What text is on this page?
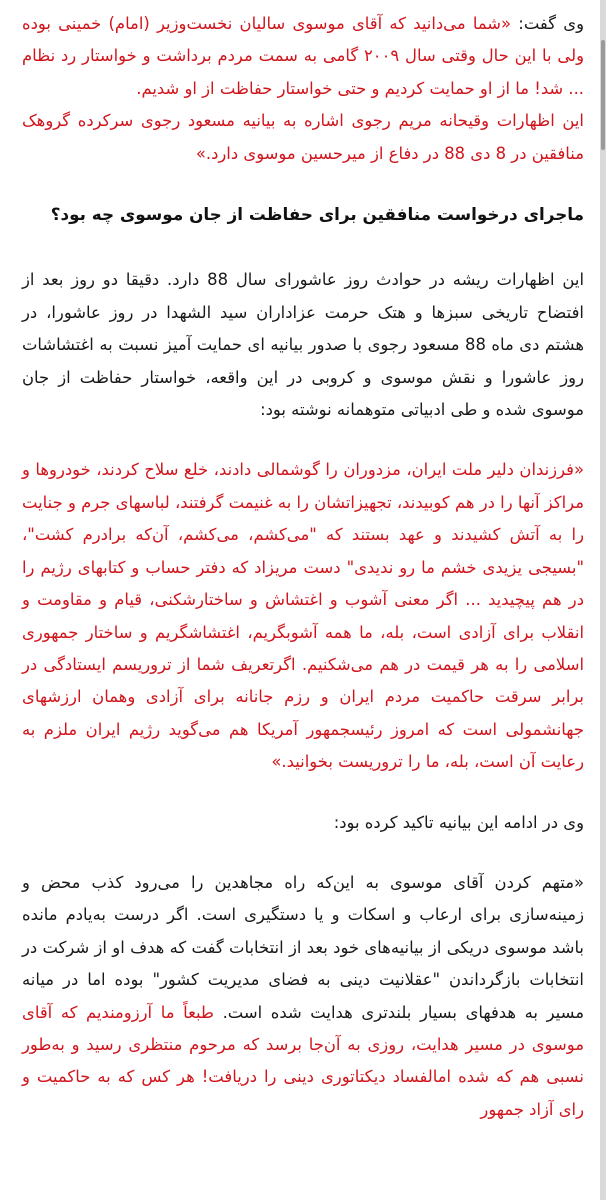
وی گفت: «شما می‌دانید که آقای موسوی سالیان نخست‌وزیر (امام) خمینی بوده ولی با این حال وقتی سال ۲۰۰۹ گامی به سمت مردم برداشت و خواستار رد نظام ... شد! ما از او حمایت کردیم و حتی خواستار حفاظت از او شدیم.

این اظهارات وقیحانه مریم رجوی اشاره به بیانیه مسعود رجوی سرکرده گروهک منافقین در 8 دی 88 در دفاع از میرحسین موسوی دارد.»

ماجرای درخواست منافقین برای حفاظت از جان موسوی چه بود؟

این اظهارات ریشه در حوادث روز عاشورای سال 88 دارد. دقیقا دو روز بعد از افتضاح تاریخی سبزها و هتک حرمت عزاداران سید الشهدا در روز عاشورا، در هشتم دی ماه 88 مسعود رجوی با صدور بیانیه ای حمایت آمیز نسبت به اغتشاشات روز عاشورا و نقش موسوی و کروبی در این واقعه، خواستار حفاظت از جان موسوی شده و طی ادبیاتی متوهمانه نوشته بود:

«فرزندان دلیر ملت ایران، مزدوران را گوشمالی دادند، خلع سلاح کردند، خودروها و مراکز آنها را در هم کوبیدند، تجهیزاتشان را به غنیمت گرفتند، لباسهای جرم و جنایت را به آتش کشیدند و عهد بستند که "می‌کشم، می‌کشم، آن‌که برادرم کشت"، "بسیجی یزیدی خشم ما رو ندیدی" دست مریزاد که دفتر حساب و کتابهای رژیم را در هم پیچیدید ... اگر معنی آشوب و اغتشاش و ساختارشکنی، قیام و مقاومت و انقلاب برای آزادی است، بله، ما همه آشوبگریم، اغتشاشگریم و ساختار جمهوری اسلامی را به هر قیمت در هم می‌شکنیم. اگرتعریف شما از تروریسم ایستادگی در برابر سرقت حاکمیت مردم ایران و رزم جانانه برای آزادی وهمان ارزشهای جهانشمولی است که امروز رئیسجمهور آمریکا هم می‌گوید رژیم ایران ملزم به رعایت آن است، بله، ما را تروریست بخوانید.»

وی در ادامه این بیانیه تاکید کرده بود:

«متهم کردن آقای موسوی به این‌که راه مجاهدین را می‌رود کذب محض و زمینه‌سازی برای ارعاب و اسکات و یا دستگیری است. اگر درست به‌یادم مانده باشد موسوی دریکی از بیانیه‌های خود بعد از انتخابات گفت که هدف او از شرکت در انتخابات بازگرداندن "عقلانیت دینی به فضای مدیریت کشور" بوده اما در میانه مسیر به هدفهای بسیار بلندتری هدایت شده است. طبعاً ما آرزومندیم که آقای موسوی در مسیر هدایت، روزی به آن‌جا برسد که مرحوم منتظری رسید و به‌طور نسبی هم که شده امالفساد دیکتاتوری دینی را دریافت! هر کس که به حاکمیت و رای آزاد جمهور
